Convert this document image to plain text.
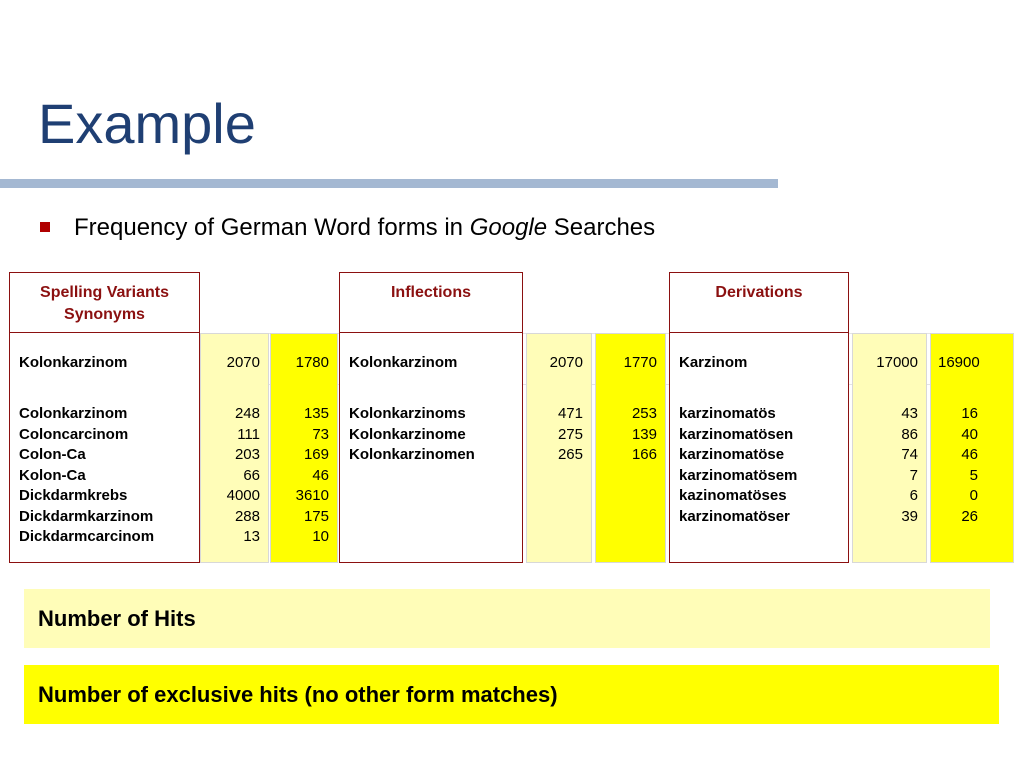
Example
Frequency of German Word forms in Google Searches
Spelling Variants
Synonyms
Kolonkarzinom	2070	1780
Colonkarzinom	248	135
Coloncarcinom	111	73
Colon-Ca	203	169
Kolon-Ca	66	46
Dickdarmkrebs	4000	3610
Dickdarmkarzinom	288	175
Dickdarmcarcinom	13	10
Inflections
Kolonkarzinom	2070	1770
Kolonkarzinoms	471	253
Kolonkarzinome	275	139
Kolonkarzinomen	265	166
Derivations
Karzinom	17000 16900
karzinomatös	43	16
karzinomatösen	86	40
karzinomatöse	74	46
karzinomatösem	7	5
kazinomatöses	6	0
karzinomatöser	39	26
Number of Hits
Number of exclusive hits (no other form matches)
